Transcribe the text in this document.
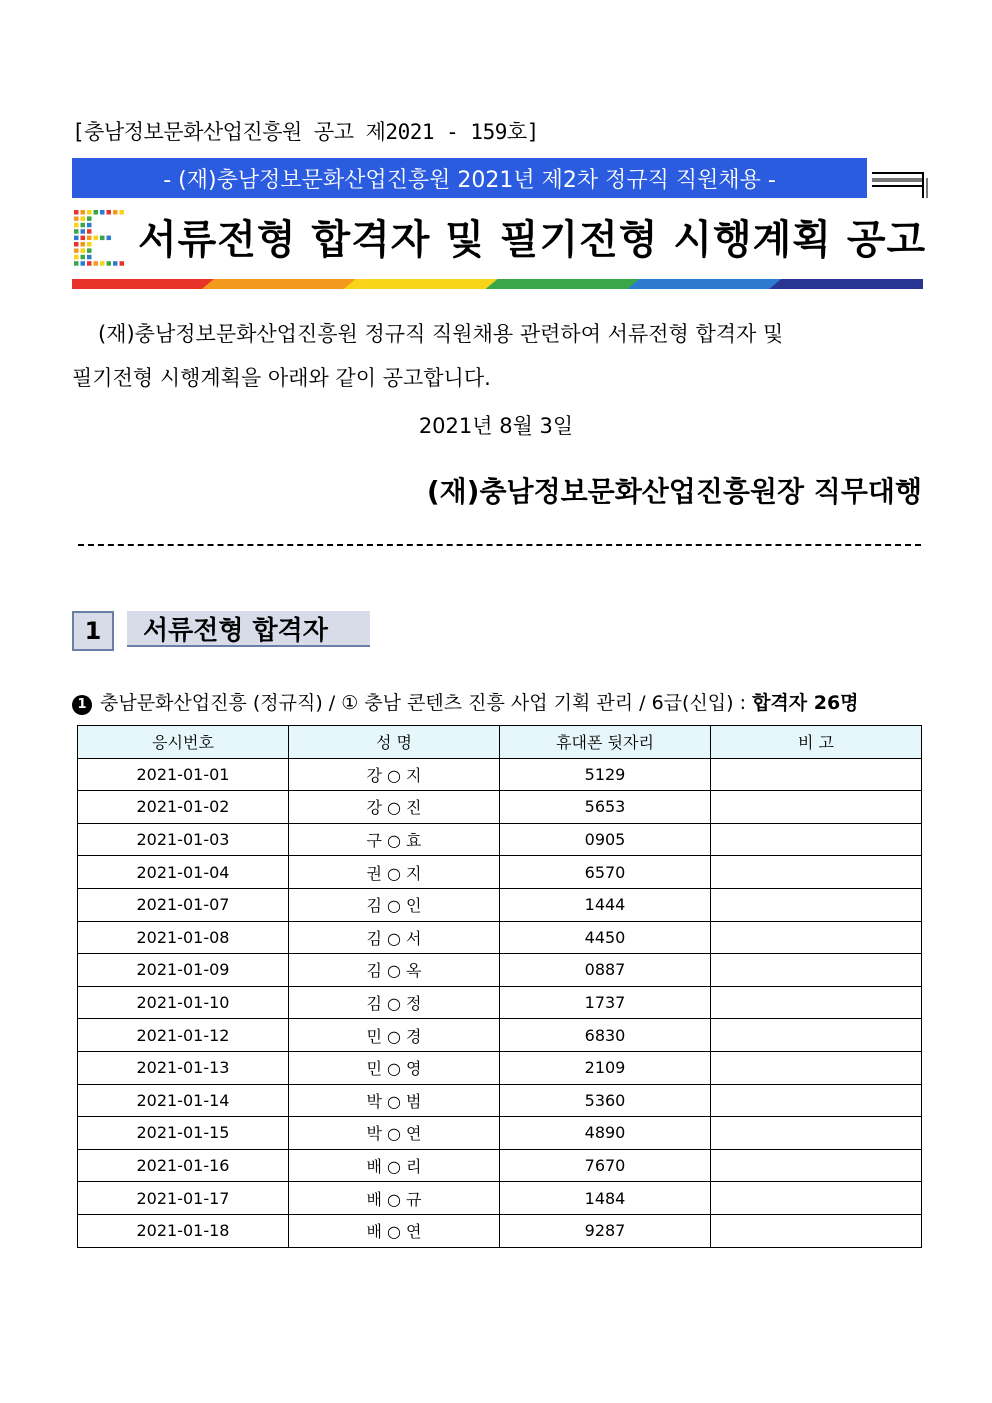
[충남정보문화산업진흥원 공고 제2021 - 159호]
- (재)충남정보문화산업진흥원 2021년 제2차 정규직 직원채용 -
서류전형 합격자 및 필기전형 시행계획 공고
(재)충남정보문화산업진흥원 정규직 직원채용 관련하여 서류전형 합격자 및
필기전형 시행계획을 아래와 같이 공고합니다.
2021년 8월 3일
(재)충남정보문화산업진흥원장 직무대행
1 서류전형 합격자
1 충남문화산업진흥 (정규직) / ① 충남 콘텐츠 진흥 사업 기획 관리 / 6급(신입) : 합격자 26명
응시번호	성 명	휴대폰 뒷자리	비 고
2021-01-01	강 ○ 지	5129	
2021-01-02	강 ○ 진	5653	
2021-01-03	구 ○ 효	0905	
2021-01-04	권 ○ 지	6570	
2021-01-07	김 ○ 인	1444	
2021-01-08	김 ○ 서	4450	
2021-01-09	김 ○ 옥	0887	
2021-01-10	김 ○ 정	1737	
2021-01-12	민 ○ 경	6830	
2021-01-13	민 ○ 영	2109	
2021-01-14	박 ○ 범	5360	
2021-01-15	박 ○ 연	4890	
2021-01-16	배 ○ 리	7670	
2021-01-17	배 ○ 규	1484	
2021-01-18	배 ○ 연	9287	
